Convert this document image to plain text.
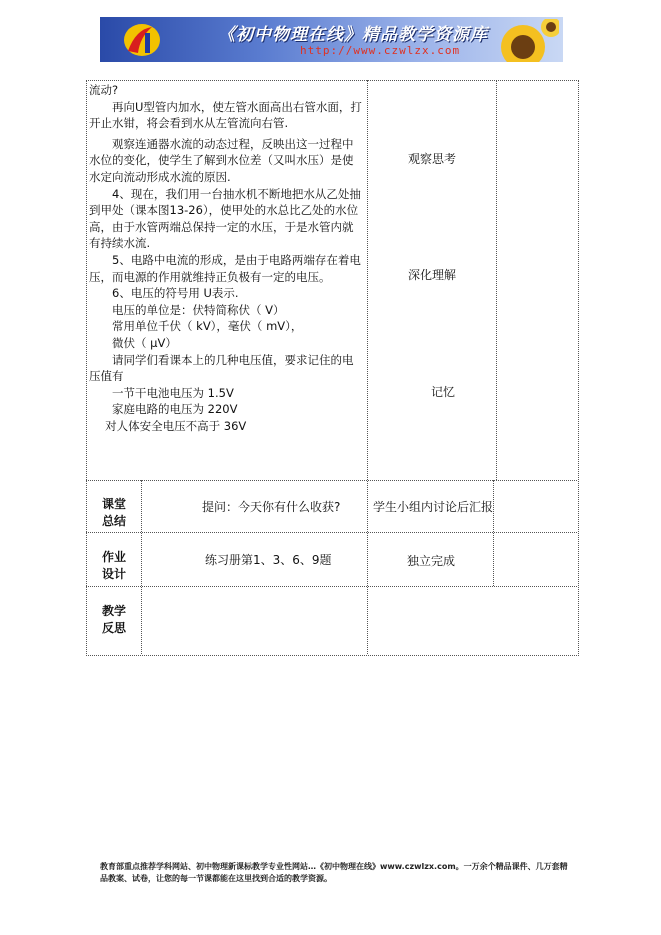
《初中物理在线》精品教学资源库
http://www.czwlzx.com

流动?

再向U型管内加水，使左管水面高出右管水面，打开止水钳，将会看到水从左管流向右管.

观察连通器水流的动态过程，反映出这一过程中水位的变化，使学生了解到水位差（又叫水压）是使水定向流动形成水流的原因.

4、现在，我们用一台抽水机不断地把水从乙处抽到甲处（课本图13-26），使甲处的水总比乙处的水位高，由于水管两端总保持一定的水压，于是水管内就有持续水流.

5、电路中电流的形成，是由于电路两端存在着电压，而电源的作用就维持正负极有一定的电压。

6、电压的符号用 U表示.

电压的单位是：伏特简称伏（ V）

常用单位千伏（ kV），毫伏（ mV），

微伏（ μV）

请同学们看课本上的几种电压值，要求记住的电压值有

一节干电池电压为 1.5V

家庭电路的电压为 220V

对人体安全电压不高于 36V

观察思考
深化理解
记忆
课堂
总结
提问：今天你有什么收获?	学生小组内讨论后汇报
作业
设计
练习册第1、3、6、9题	独立完成
教学
反思

教育部重点推荐学科网站、初中物理新课标教学专业性网站…《初中物理在线》www.czwlzx.com。一万余个精品课件、几万套精品教案、试卷，让您的每一节课都能在这里找到合适的教学资源。
